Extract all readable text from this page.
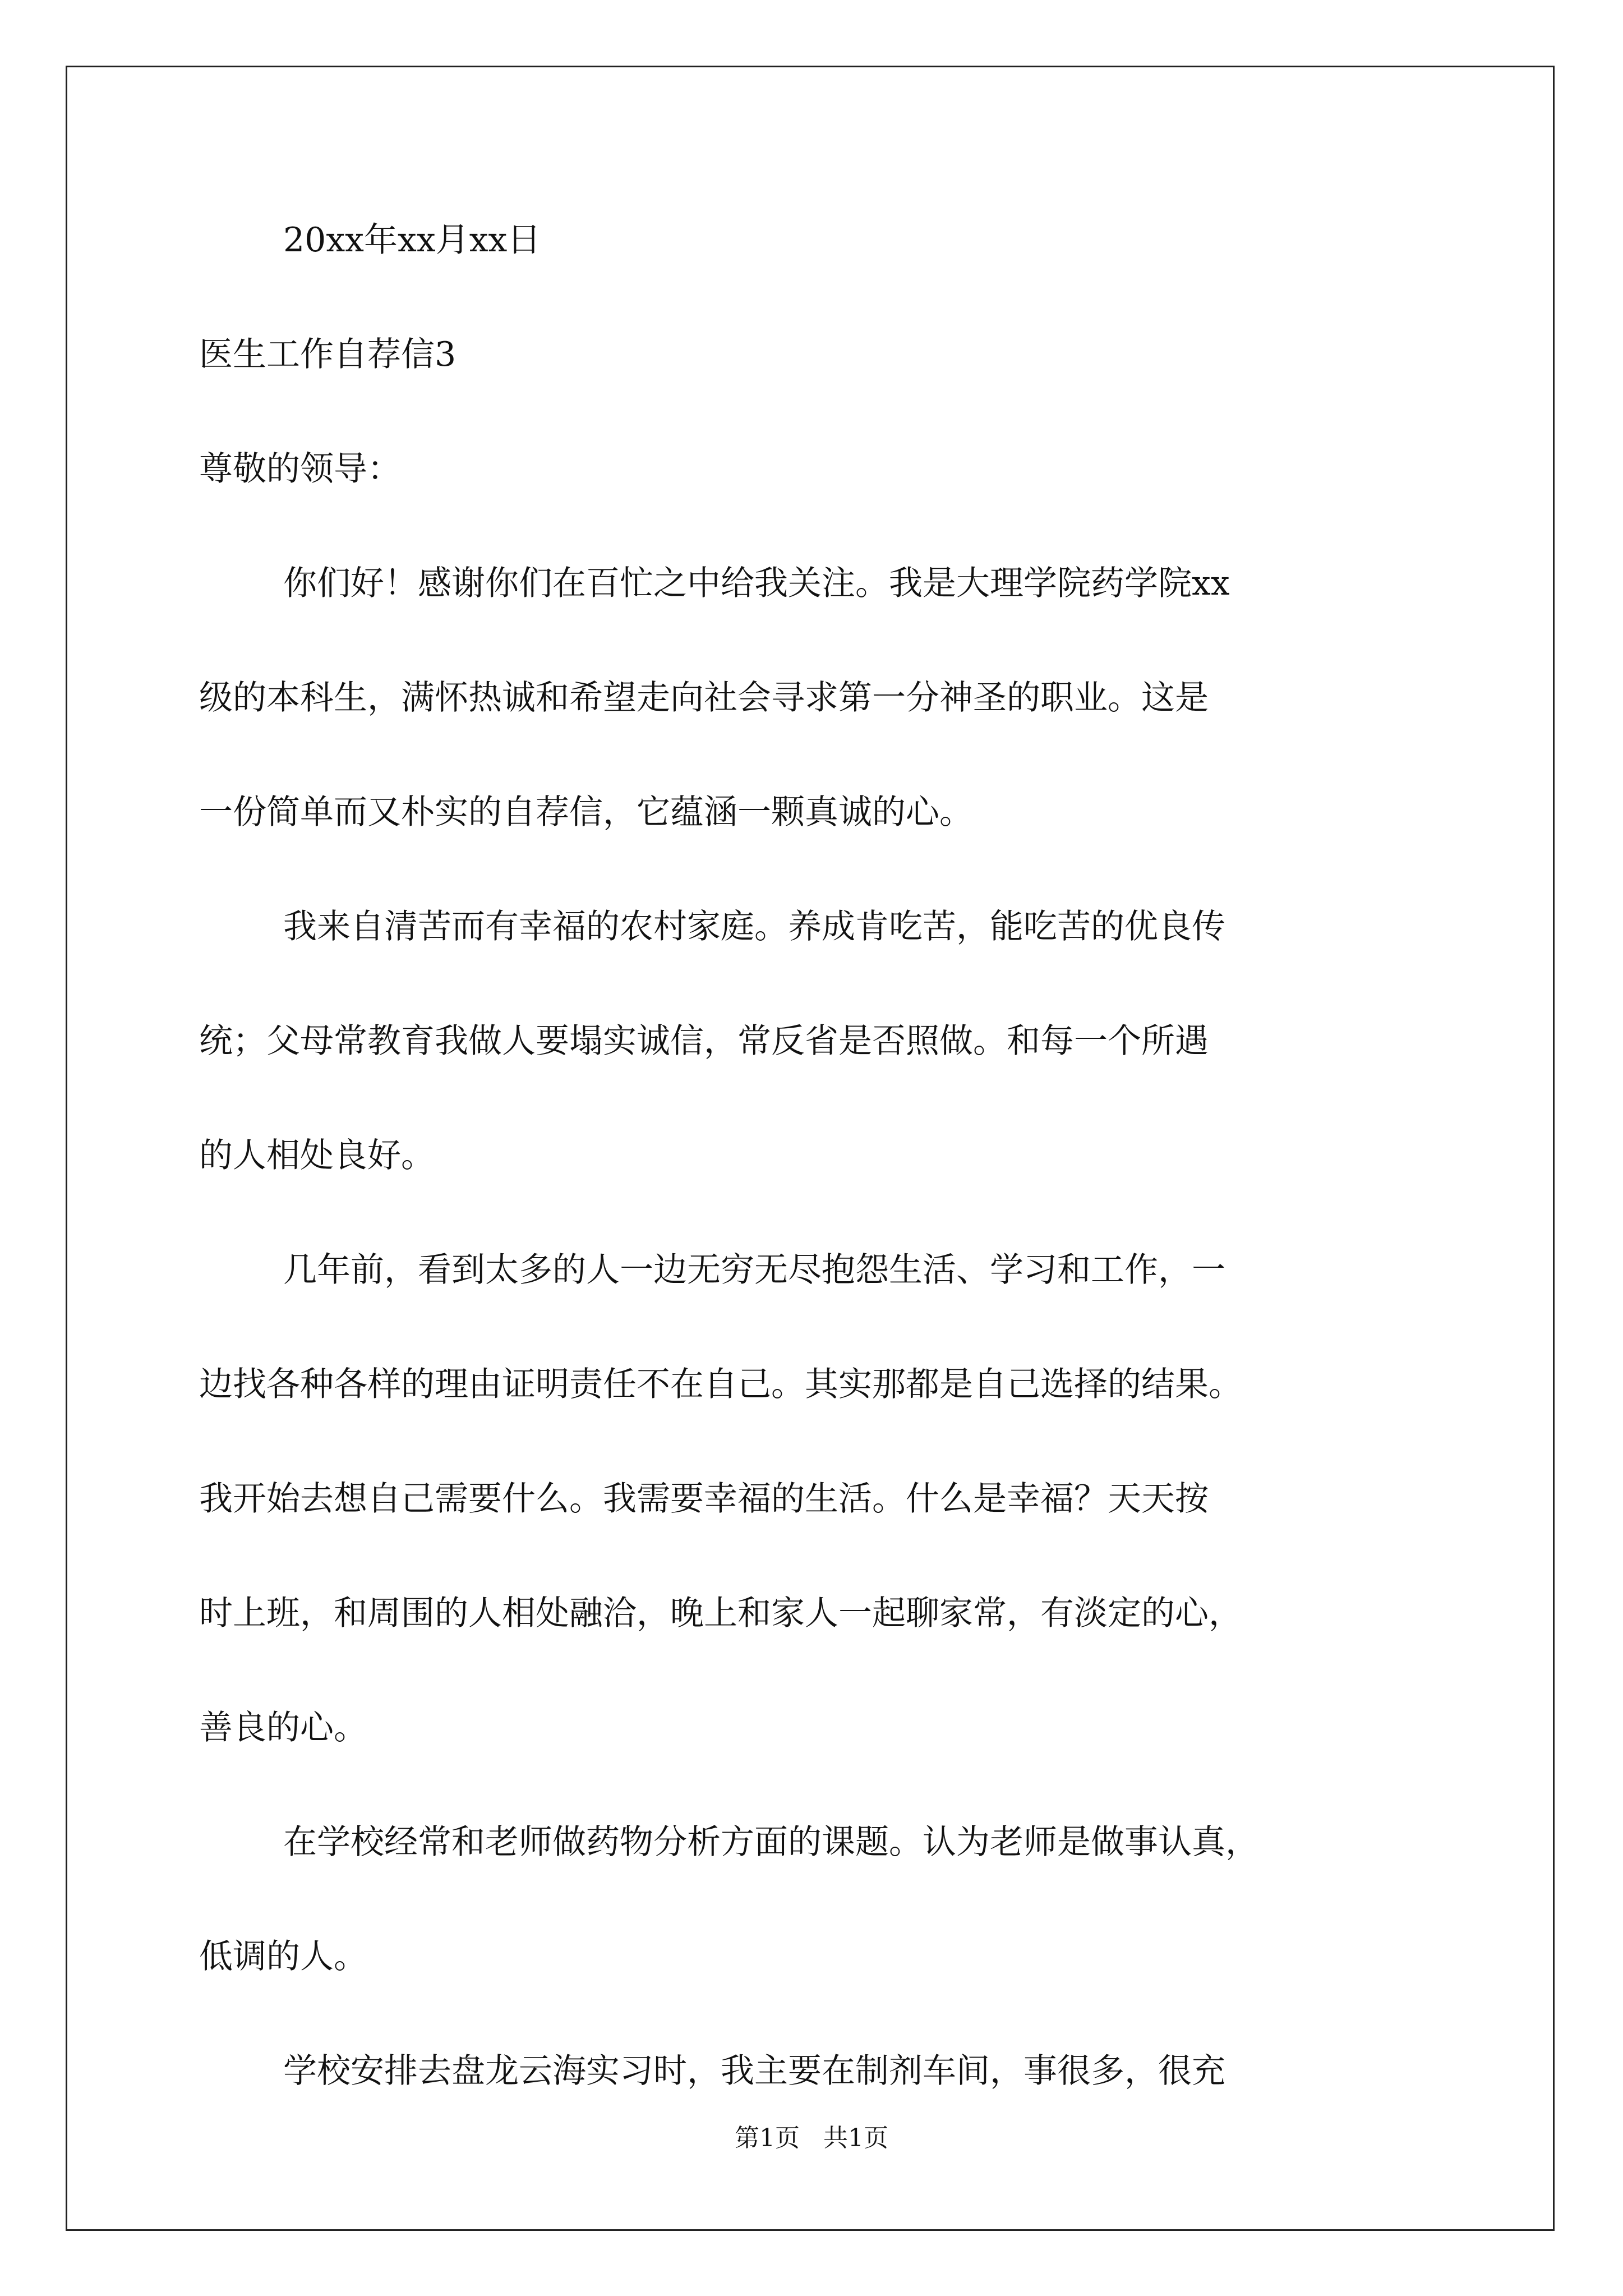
20xx年xx月xx日

医生工作自荐信3

尊敬的领导：

你们好！感谢你们在百忙之中给我关注。我是大理学院药学院xx
级的本科生，满怀热诚和希望走向社会寻求第一分神圣的职业。这是
一份简单而又朴实的自荐信，它蕴涵一颗真诚的心。
我来自清苦而有幸福的农村家庭。养成肯吃苦，能吃苦的优良传
统；父母常教育我做人要塌实诚信，常反省是否照做。和每一个所遇
的人相处良好。
几年前，看到太多的人一边无穷无尽抱怨生活、学习和工作，一
边找各种各样的理由证明责任不在自己。其实那都是自己选择的结果。
我开始去想自己需要什么。我需要幸福的生活。什么是幸福？天天按
时上班，和周围的人相处融洽，晚上和家人一起聊家常，有淡定的心，
善良的心。
在学校经常和老师做药物分析方面的课题。认为老师是做事认真，
低调的人。
学校安排去盘龙云海实习时，我主要在制剂车间，事很多，很充
第1页   共1页
